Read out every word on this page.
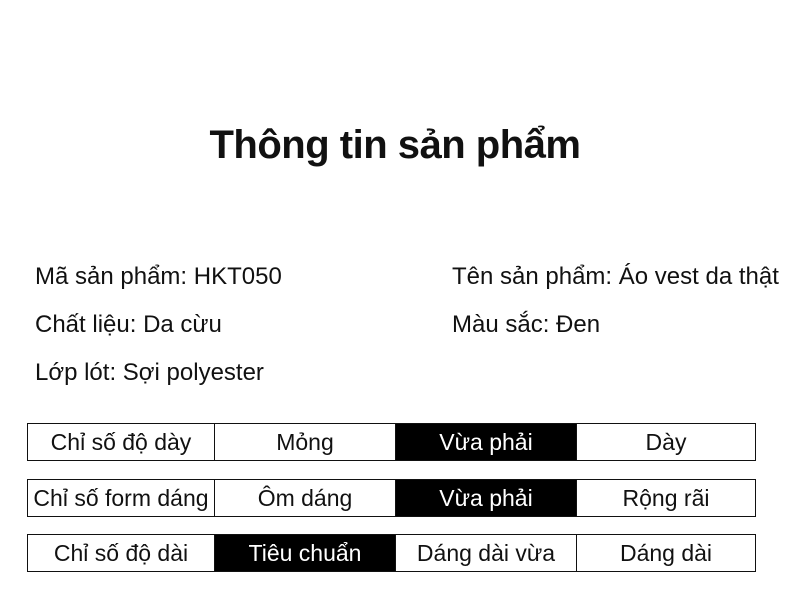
Thông tin sản phẩm
Mã sản phẩm : HKT050	Tên sản phẩm : Áo vest da thật
Chất liệu : Da cừu	Màu sắc : Đen
Lớp lót : Sợi polyester
Chỉ số độ dày	Mỏng	Vừa phải	Dày
Chỉ số form dáng	Ôm dáng	Vừa phải	Rộng rãi
Chỉ số độ dài	Tiêu chuẩn	Dáng dài vừa	Dáng dài
